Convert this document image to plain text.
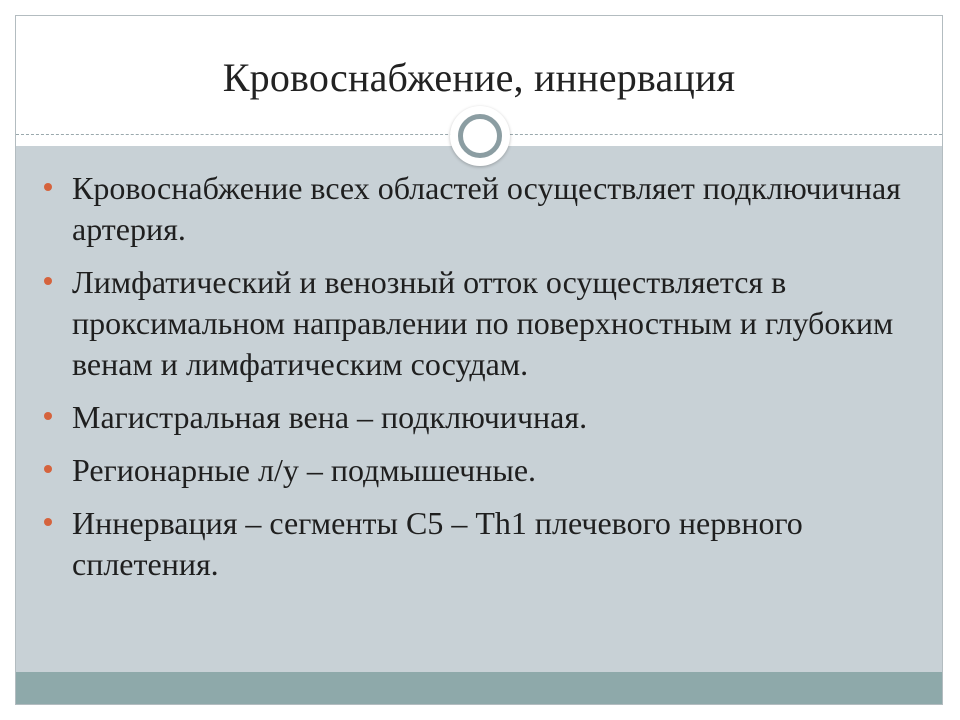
Кровоснабжение, иннервация
Кровоснабжение всех областей осуществляет подключичная артерия.
Лимфатический и венозный отток осуществляется в проксимальном направлении по поверхностным и глубоким венам и лимфатическим сосудам.
Магистральная вена – подключичная.
Регионарные л/у – подмышечные.
Иннервация – сегменты С5 – Th1 плечевого нервного сплетения.
